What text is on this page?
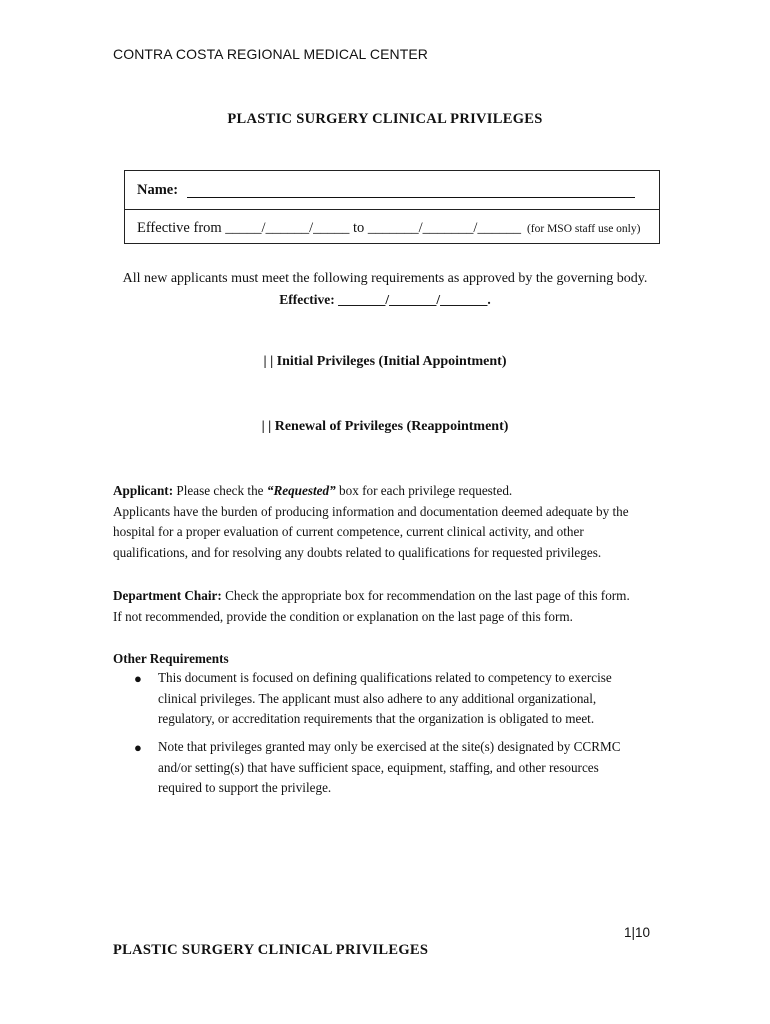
CONTRA COSTA REGIONAL MEDICAL CENTER
PLASTIC SURGERY CLINICAL PRIVILEGES
Name:
Effective from _____/______/_____ to _______/_______/______ (for MSO staff use only)
All new applicants must meet the following requirements as approved by the governing body.
Effective: _______/_______/_______.
| | Initial Privileges (Initial Appointment)
| | Renewal of Privileges (Reappointment)
Applicant: Please check the “Requested” box for each privilege requested.
Applicants have the burden of producing information and documentation deemed adequate by the
hospital for a proper evaluation of current competence, current clinical activity, and other
qualifications, and for resolving any doubts related to qualifications for requested privileges.
Department Chair: Check the appropriate box for recommendation on the last page of this form.
If not recommended, provide the condition or explanation on the last page of this form.
Other Requirements
● This document is focused on defining qualifications related to competency to exercise
clinical privileges. The applicant must also adhere to any additional organizational,
regulatory, or accreditation requirements that the organization is obligated to meet.
● Note that privileges granted may only be exercised at the site(s) designated by CCRMC
and/or setting(s) that have sufficient space, equipment, staffing, and other resources
required to support the privilege.
1|10
PLASTIC SURGERY CLINICAL PRIVILEGES
